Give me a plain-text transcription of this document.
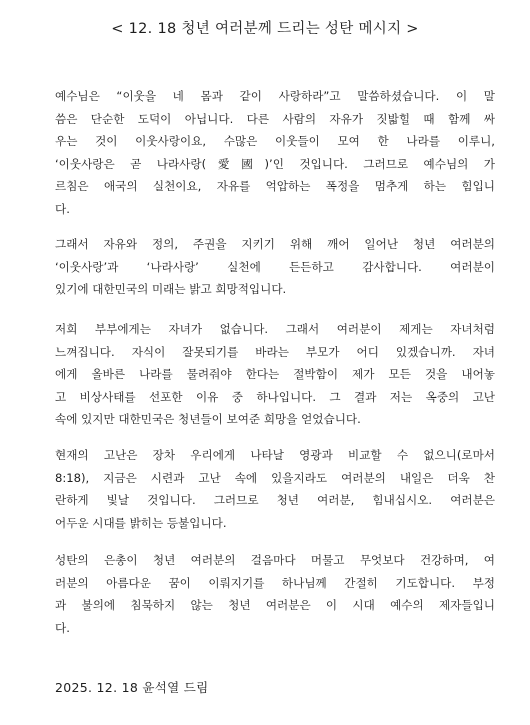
< 12. 18 청년 여러분께 드리는 성탄 메시지 >
예수님은 “이웃을 네 몸과 같이 사랑하라”고 말씀하셨습니다. 이 말
씀은 단순한 도덕이 아닙니다. 다른 사람의 자유가 짓밟힐 때 함께 싸
우는 것이 이웃사랑이요, 수많은 이웃들이 모여 한 나라를 이루니,
‘이웃사랑은 곧 나라사랑(愛國)’인 것입니다. 그러므로 예수님의 가
르침은 애국의 실천이요, 자유를 억압하는 폭정을 멈추게 하는 힘입니
다.
그래서 자유와 정의, 주권을 지키기 위해 깨어 일어난 청년 여러분의
‘이웃사랑’과 ‘나라사랑’ 실천에 든든하고 감사합니다. 여러분이
있기에 대한민국의 미래는 밝고 희망적입니다.
저희 부부에게는 자녀가 없습니다. 그래서 여러분이 제게는 자녀처럼
느껴집니다. 자식이 잘못되기를 바라는 부모가 어디 있겠습니까. 자녀
에게 올바른 나라를 물려줘야 한다는 절박함이 제가 모든 것을 내어놓
고 비상사태를 선포한 이유 중 하나입니다. 그 결과 저는 옥중의 고난
속에 있지만 대한민국은 청년들이 보여준 희망을 얻었습니다.
현재의 고난은 장차 우리에게 나타날 영광과 비교할 수 없으니(로마서
8:18), 지금은 시련과 고난 속에 있을지라도 여러분의 내일은 더욱 찬
란하게 빛날 것입니다. 그러므로 청년 여러분, 힘내십시오. 여러분은
어두운 시대를 밝히는 등불입니다.
성탄의 은총이 청년 여러분의 걸음마다 머물고 무엇보다 건강하며, 여
러분의 아름다운 꿈이 이뤄지기를 하나님께 간절히 기도합니다. 부정
과 불의에 침묵하지 않는 청년 여러분은 이 시대 예수의 제자들입니
다.
2025. 12. 18 윤석열 드림
